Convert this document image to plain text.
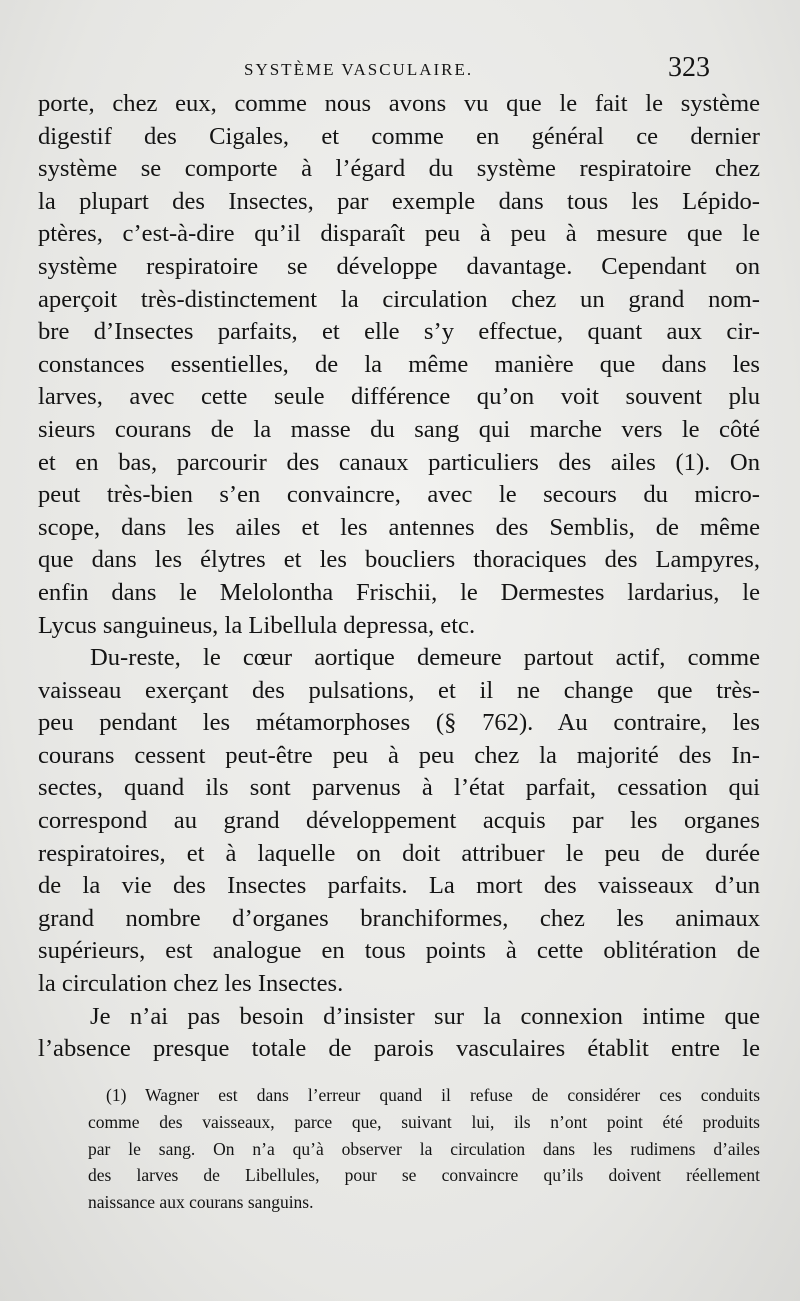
SYSTÈME VASCULAIRE.	323
porte, chez eux, comme nous avons vu que le fait le système
digestif des Cigales, et comme en général ce dernier
système se comporte à l’égard du système respiratoire chez
la plupart des Insectes, par exemple dans tous les Lépido-
ptères, c’est-à-dire qu’il disparaît peu à peu à mesure que le
système respiratoire se développe davantage. Cependant on
aperçoit très-distinctement la circulation chez un grand nom-
bre d’Insectes parfaits, et elle s’y effectue, quant aux cir-
constances essentielles, de la même manière que dans les
larves, avec cette seule différence qu’on voit souvent plu
sieurs courans de la masse du sang qui marche vers le côté
et en bas, parcourir des canaux particuliers des ailes (1). On
peut très-bien s’en convaincre, avec le secours du micro-
scope, dans les ailes et les antennes des Semblis, de même
que dans les élytres et les boucliers thoraciques des Lampyres,
enfin dans le Melolontha Frischii, le Dermestes lardarius, le
Lycus sanguineus, la Libellula depressa, etc.
Du-reste, le cœur aortique demeure partout actif, comme
vaisseau exerçant des pulsations, et il ne change que très-
peu pendant les métamorphoses (§ 762). Au contraire, les
courans cessent peut-être peu à peu chez la majorité des In-
sectes, quand ils sont parvenus à l’état parfait, cessation qui
correspond au grand développement acquis par les organes
respiratoires, et à laquelle on doit attribuer le peu de durée
de la vie des Insectes parfaits. La mort des vaisseaux d’un
grand nombre d’organes branchiformes, chez les animaux
supérieurs, est analogue en tous points à cette oblitération de
la circulation chez les Insectes.
Je n’ai pas besoin d’insister sur la connexion intime que
l’absence presque totale de parois vasculaires établit entre le
(1) Wagner est dans l’erreur quand il refuse de considérer ces conduits
comme des vaisseaux, parce que, suivant lui, ils n’ont point été produits
par le sang. On n’a qu’à observer la circulation dans les rudimens d’ailes
des larves de Libellules, pour se convaincre qu’ils doivent réellement
naissance aux courans sanguins.
